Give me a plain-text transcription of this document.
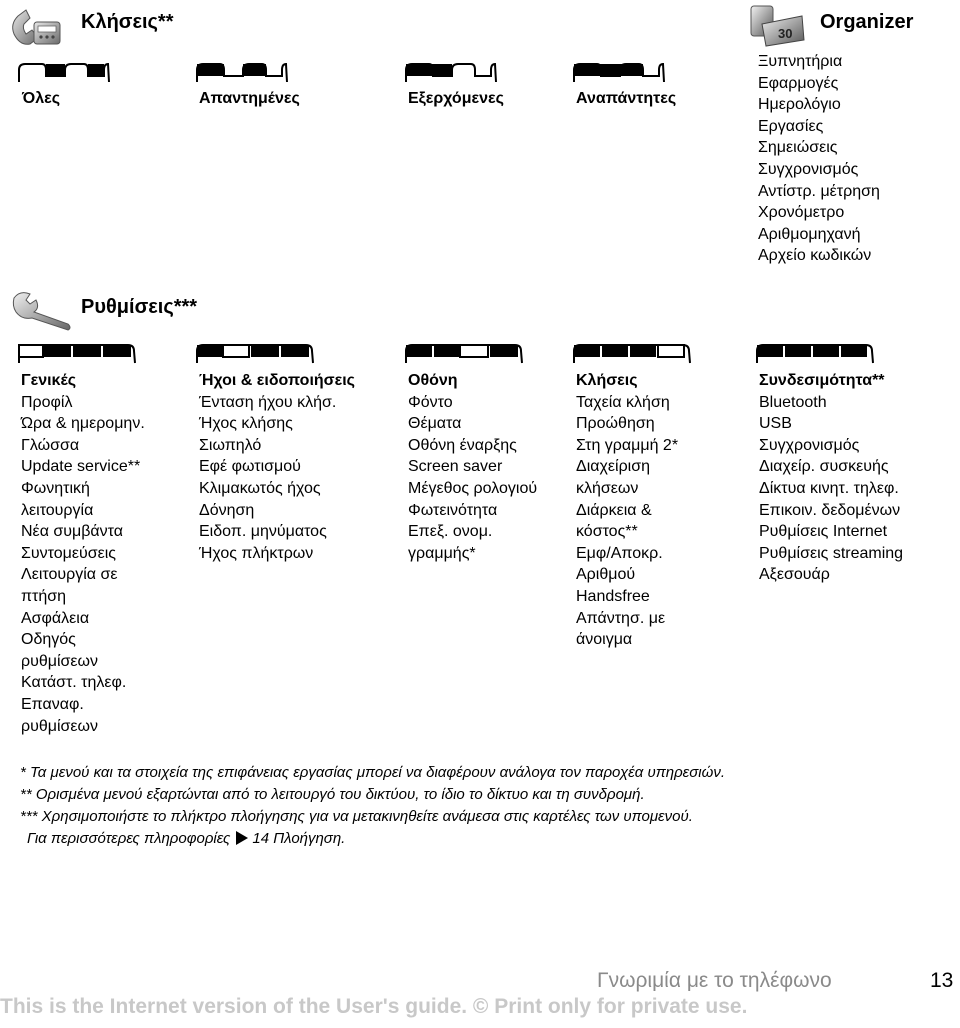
Κλήσεις**
Όλες	Απαντημένες	Εξερχόμενες	Αναπάντητες
30
Organizer
Ξυπνητήρια
Εφαρμογές
Ημερολόγιο
Εργασίες
Σημειώσεις
Συγχρονισμός
Αντίστρ. μέτρηση
Χρονόμετρο
Αριθμομηχανή
Αρχείο κωδικών
Ρυθμίσεις***
Γενικές
Προφίλ
Ώρα & ημερομην.
Γλώσσα
Update service**
Φωνητική
λειτουργία
Νέα συμβάντα
Συντομεύσεις
Λειτουργία σε
πτήση
Ασφάλεια
Οδηγός
ρυθμίσεων
Κατάστ. τηλεφ.
Επαναφ.
ρυθμίσεων
Ήχοι & ειδοποιήσεις
Ένταση ήχου κλήσ.
Ήχος κλήσης
Σιωπηλό
Εφέ φωτισμού
Κλιμακωτός ήχος
Δόνηση
Ειδοπ. μηνύματος
Ήχος πλήκτρων
Οθόνη
Φόντο
Θέματα
Οθόνη έναρξης
Screen saver
Μέγεθος ρολογιού
Φωτεινότητα
Επεξ. ονομ.
γραμμής*
Κλήσεις
Ταχεία κλήση
Προώθηση
Στη γραμμή 2*
Διαχείριση
κλήσεων
Διάρκεια &
κόστος**
Εμφ/Αποκρ.
Αριθμού
Handsfree
Απάντησ. με
άνοιγμα
Συνδεσιμότητα**
Bluetooth
USB
Συγχρονισμός
Διαχείρ. συσκευής
Δίκτυα κινητ. τηλεφ.
Επικοιν. δεδομένων
Ρυθμίσεις Internet
Ρυθμίσεις streaming
Αξεσουάρ
* Τα μενού και τα στοιχεία της επιφάνειας εργασίας μπορεί να διαφέρουν ανάλογα τον παροχέα υπηρεσιών.
** Ορισμένα μενού εξαρτώνται από το λειτουργό του δικτύου, το ίδιο το δίκτυο και τη συνδρομή.
*** Χρησιμοποιήστε το πλήκτρο πλοήγησης για να μετακινηθείτε ανάμεσα στις καρτέλες των υπομενού.
Για περισσότερες πληροφορίες 14 Πλοήγηση.
Γνωριμία με το τηλέφωνο	13
This is the Internet version of the User's guide. © Print only for private use.
